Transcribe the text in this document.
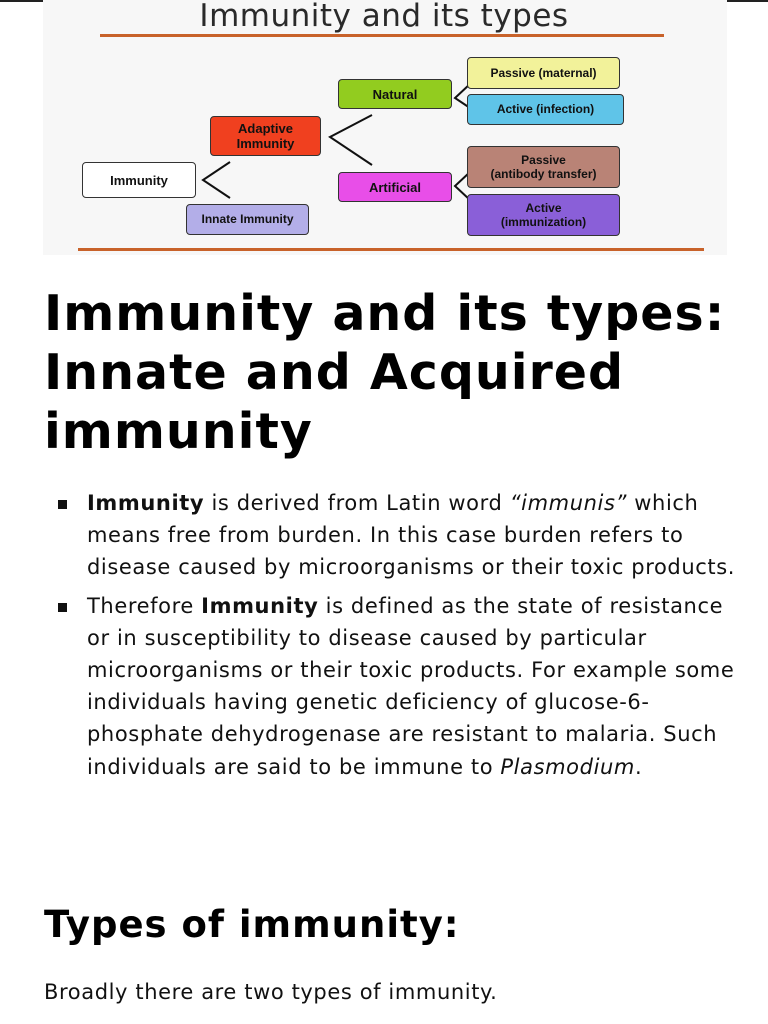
Immunity and its types
Immunity
Adaptive
Immunity
Innate Immunity
Natural
Artificial
Passive (maternal)
Active (infection)
Passive
(antibody transfer)
Active
(immunization)
Immunity and its types: Innate and Acquired immunity
Immunity is derived from Latin word “immunis” which means free from burden. In this case burden refers to disease caused by microorganisms or their toxic products.
Therefore Immunity is defined as the state of resistance or in susceptibility to disease caused by particular microorganisms or their toxic products. For example some individuals having genetic deficiency of glucose-6-phosphate dehydrogenase are resistant to malaria. Such individuals are said to be immune to Plasmodium.
Types of immunity:

Broadly there are two types of immunity.
